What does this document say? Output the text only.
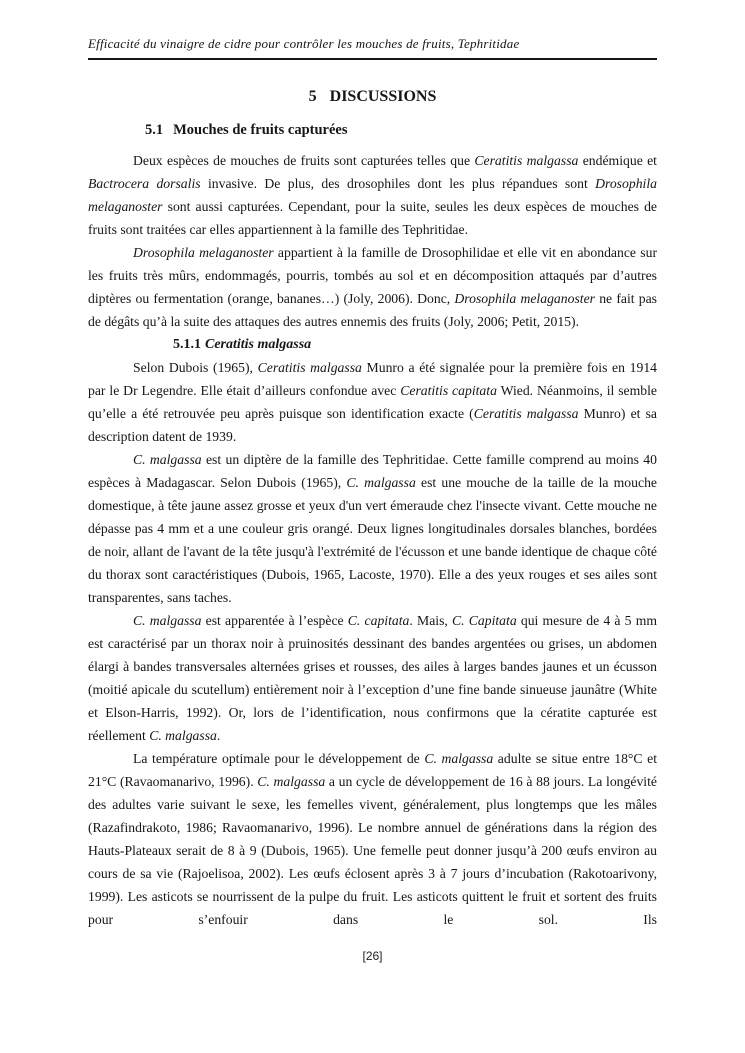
Efficacité du vinaigre de cidre pour contrôler les mouches de fruits, Tephritidae
5 DISCUSSIONS
5.1 Mouches de fruits capturées

Deux espèces de mouches de fruits sont capturées telles que Ceratitis malgassa endémique et Bactrocera dorsalis invasive. De plus, des drosophiles dont les plus répandues sont Drosophila melaganoster sont aussi capturées. Cependant, pour la suite, seules les deux espèces de mouches de fruits sont traitées car elles appartiennent à la famille des Tephritidae.

Drosophila melaganoster appartient à la famille de Drosophilidae et elle vit en abondance sur les fruits très mûrs, endommagés, pourris, tombés au sol et en décomposition attaqués par d’autres diptères ou fermentation (orange, bananes…) (Joly, 2006). Donc, Drosophila melaganoster ne fait pas de dégâts qu’à la suite des attaques des autres ennemis des fruits (Joly, 2006; Petit, 2015).

5.1.1 Ceratitis malgassa

Selon Dubois (1965), Ceratitis malgassa Munro a été signalée pour la première fois en 1914 par le Dr Legendre. Elle était d’ailleurs confondue avec Ceratitis capitata Wied. Néanmoins, il semble qu’elle a été retrouvée peu après puisque son identification exacte (Ceratitis malgassa Munro) et sa description datent de 1939.

C. malgassa est un diptère de la famille des Tephritidae. Cette famille comprend au moins 40 espèces à Madagascar. Selon Dubois (1965), C. malgassa est une mouche de la taille de la mouche domestique, à tête jaune assez grosse et yeux d'un vert émeraude chez l'insecte vivant. Cette mouche ne dépasse pas 4 mm et a une couleur gris orangé. Deux lignes longitudinales dorsales blanches, bordées de noir, allant de l'avant de la tête jusqu'à l'extrémité de l'écusson et une bande identique de chaque côté du thorax sont caractéristiques (Dubois, 1965, Lacoste, 1970). Elle a des yeux rouges et ses ailes sont transparentes, sans taches.

C. malgassa est apparentée à l’espèce C. capitata. Mais, C. Capitata qui mesure de 4 à 5 mm est caractérisé par un thorax noir à pruinosités dessinant des bandes argentées ou grises, un abdomen élargi à bandes transversales alternées grises et rousses, des ailes à larges bandes jaunes et un écusson (moitié apicale du scutellum) entièrement noir à l’exception d’une fine bande sinueuse jaunâtre (White et Elson-Harris, 1992). Or, lors de l’identification, nous confirmons que la cératite capturée est réellement C. malgassa.

La température optimale pour le développement de C. malgassa adulte se situe entre 18°C et 21°C (Ravaomanarivo, 1996). C. malgassa a un cycle de développement de 16 à 88 jours. La longévité des adultes varie suivant le sexe, les femelles vivent, généralement, plus longtemps que les mâles (Razafindrakoto, 1986; Ravaomanarivo, 1996). Le nombre annuel de générations dans la région des Hauts-Plateaux serait de 8 à 9 (Dubois, 1965). Une femelle peut donner jusqu’à 200 œufs environ au cours de sa vie (Rajoelisoa, 2002). Les œufs éclosent après 3 à 7 jours d’incubation (Rakotoarivony, 1999). Les asticots se nourrissent de la pulpe du fruit. Les asticots quittent le fruit et sortent des fruits pour s’enfouir dans le sol. Ils

[26]
